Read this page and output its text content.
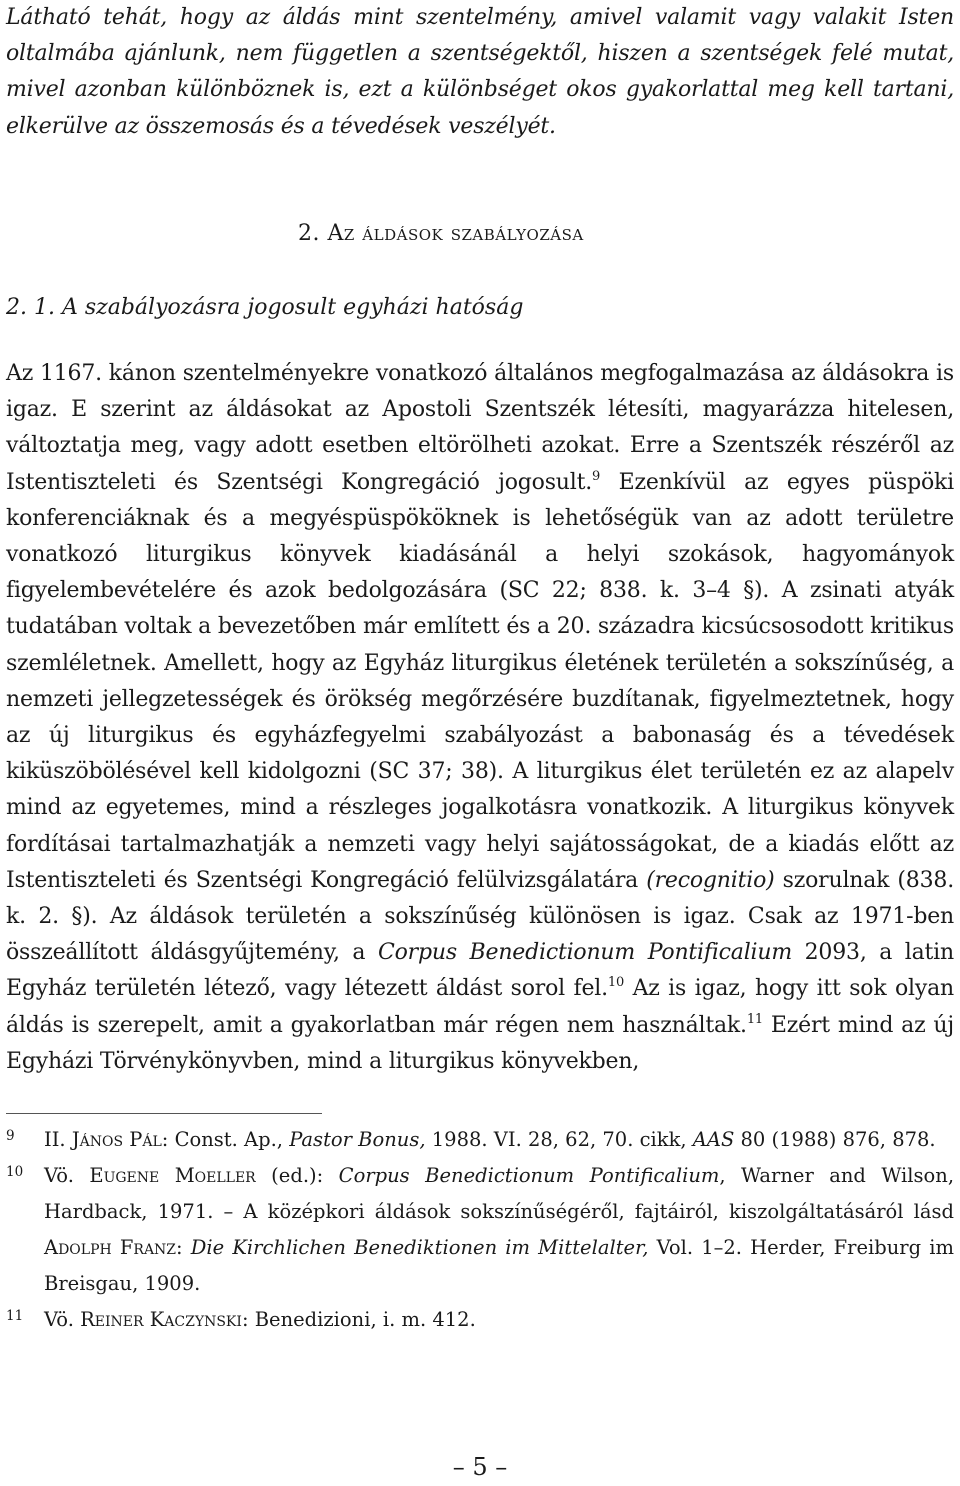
Látható tehát, hogy az áldás mint szentelmény, amivel valamit vagy valakit Isten oltalmába ajánlunk, nem független a szentségektől, hiszen a szentségek felé mutat, mivel azonban különböznek is, ezt a különbséget okos gyakorlattal meg kell tartani, elkerülve az összemosás és a tévedések veszélyét.

2. Az áldások szabályozása
2. 1. A szabályozásra jogosult egyházi hatóság

Az 1167. kánon szentelményekre vonatkozó általános megfogalmazása az áldásokra is igaz. E szerint az áldásokat az Apostoli Szentszék létesíti, magyarázza hitelesen, változtatja meg, vagy adott esetben eltörölheti azokat. Erre a Szentszék részéről az Istentiszteleti és Szentségi Kongregáció jogosult.$^9$ Ezenkívül az egyes püspöki konferenciáknak és a megyéspüspököknek is lehetőségük van az adott területre vonatkozó liturgikus könyvek kiadásánál a helyi szokások, hagyományok figyelembevételére és azok bedolgozására (SC 22; 838. k. 3–4 §). A zsinati atyák tudatában voltak a bevezetőben már említett és a 20. századra kicsúcsosodott kritikus szemléletnek. Amellett, hogy az Egyház liturgikus életének területén a sokszínűség, a nemzeti jellegzetességek és örökség megőrzésére buzdítanak, figyelmeztetnek, hogy az új liturgikus és egyházfegyelmi szabályozást a babonaság és a tévedések kiküszöbölésével kell kidolgozni (SC 37; 38). A liturgikus élet területén ez az alapelv mind az egyetemes, mind a részleges jogalkotásra vonatkozik. A liturgikus könyvek fordításai tartalmazhatják a nemzeti vagy helyi sajátosságokat, de a kiadás előtt az Istentiszteleti és Szentségi Kongregáció felülvizsgálatára (recognitio) szorulnak (838. k. 2. §). Az áldások területén a sokszínűség különösen is igaz. Csak az 1971-ben összeállított áldásgyűjtemény, a Corpus Benedictionum Pontificalium 2093, a latin Egyház területén létező, vagy létezett áldást sorol fel.$^{10}$ Az is igaz, hogy itt sok olyan áldás is szerepelt, amit a gyakorlatban már régen nem használtak.$^{11}$ Ezért mind az új Egyházi Törvénykönyvben, mind a liturgikus könyvekben,

9 II. János Pál: Const. Ap., Pastor Bonus, 1988. VI. 28, 62, 70. cikk, AAS 80 (1988) 876, 878.
10 Vö. Eugene Moeller (ed.): Corpus Benedictionum Pontificalium, Warner and Wilson, Hardback, 1971. – A középkori áldások sokszínűségéről, fajtáiról, kiszolgáltatásáról lásd Adolph Franz: Die Kirchlichen Benediktionen im Mittelalter, Vol. 1–2. Herder, Freiburg im Breisgau, 1909.
11 Vö. Reiner Kaczynski: Benedizioni, i. m. 412.
– 5 –
